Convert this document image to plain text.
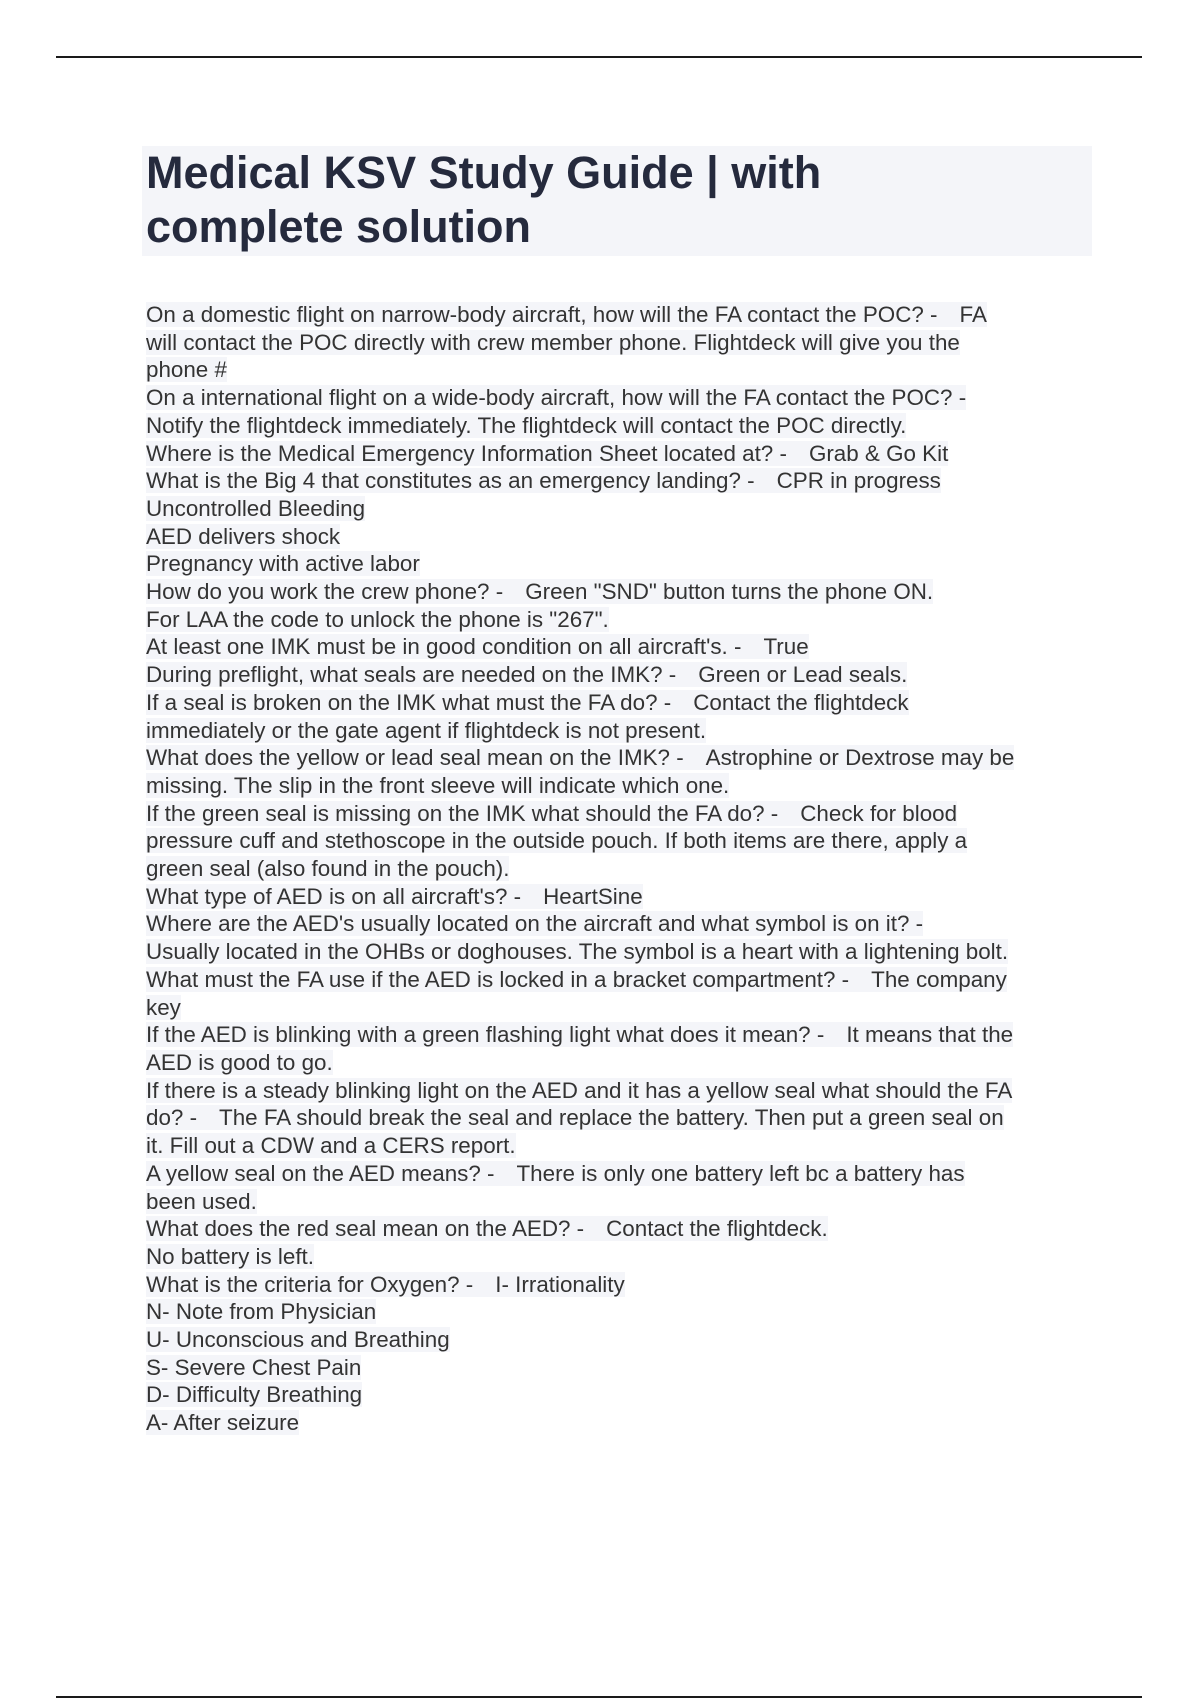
Medical KSV Study Guide | with
complete solution
On a domestic flight on narrow-body aircraft, how will the FA contact the POC? - FA
will contact the POC directly with crew member phone. Flightdeck will give you the
phone #
On a international flight on a wide-body aircraft, how will the FA contact the POC? -
Notify the flightdeck immediately. The flightdeck will contact the POC directly.
Where is the Medical Emergency Information Sheet located at? - Grab & Go Kit
What is the Big 4 that constitutes as an emergency landing? - CPR in progress
Uncontrolled Bleeding
AED delivers shock
Pregnancy with active labor
How do you work the crew phone? - Green "SND" button turns the phone ON.
For LAA the code to unlock the phone is "267".
At least one IMK must be in good condition on all aircraft's. - True
During preflight, what seals are needed on the IMK? - Green or Lead seals.
If a seal is broken on the IMK what must the FA do? - Contact the flightdeck
immediately or the gate agent if flightdeck is not present.
What does the yellow or lead seal mean on the IMK? - Astrophine or Dextrose may be
missing. The slip in the front sleeve will indicate which one.
If the green seal is missing on the IMK what should the FA do? - Check for blood
pressure cuff and stethoscope in the outside pouch. If both items are there, apply a
green seal (also found in the pouch).
What type of AED is on all aircraft's? - HeartSine
Where are the AED's usually located on the aircraft and what symbol is on it? -
Usually located in the OHBs or doghouses. The symbol is a heart with a lightening bolt.
What must the FA use if the AED is locked in a bracket compartment? - The company
key
If the AED is blinking with a green flashing light what does it mean? - It means that the
AED is good to go.
If there is a steady blinking light on the AED and it has a yellow seal what should the FA
do? - The FA should break the seal and replace the battery. Then put a green seal on
it. Fill out a CDW and a CERS report.
A yellow seal on the AED means? - There is only one battery left bc a battery has
been used.
What does the red seal mean on the AED? - Contact the flightdeck.
No battery is left.
What is the criteria for Oxygen? - I- Irrationality
N- Note from Physician
U- Unconscious and Breathing
S- Severe Chest Pain
D- Difficulty Breathing
A- After seizure
